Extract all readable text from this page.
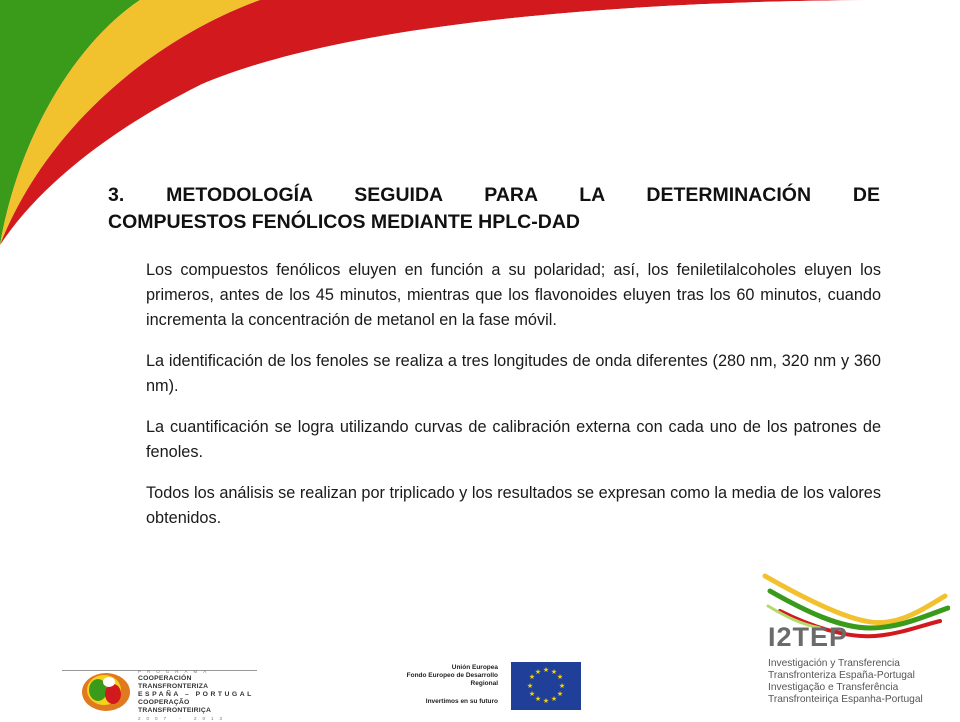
3. METODOLOGÍA SEGUIDA PARA LA DETERMINACIÓN DE
COMPUESTOS FENÓLICOS MEDIANTE HPLC-DAD

Los compuestos fenólicos eluyen en función a su polaridad; así, los feniletilalcoholes eluyen los primeros, antes de los 45 minutos, mientras que los flavonoides eluyen tras los 60 minutos, cuando incrementa la concentración de metanol en la fase móvil.

La identificación de los fenoles se realiza a tres longitudes de onda diferentes (280 nm, 320 nm y 360 nm).

La cuantificación se logra utilizando curvas de calibración externa con cada uno de los patrones de fenoles.

Todos los análisis se realizan por triplicado y los resultados se expresan como la media de los valores obtenidos.

PROGRAMA
COOPERACIÓN TRANSFRONTERIZA
ESPAÑA – PORTUGAL
COOPERAÇÃO TRANSFRONTEIRIÇA
2007 - 2013
Unión Europea
Fondo Europeo de Desarrollo
Regional
Invertimos en su futuro
★ ★
★
★
★
★
★
★
★
★
★
★
I2TEP
Investigación y Transferencia
Transfronteriza España-Portugal
Investigação e Transferência
Transfronteiriça Espanha-Portugal
